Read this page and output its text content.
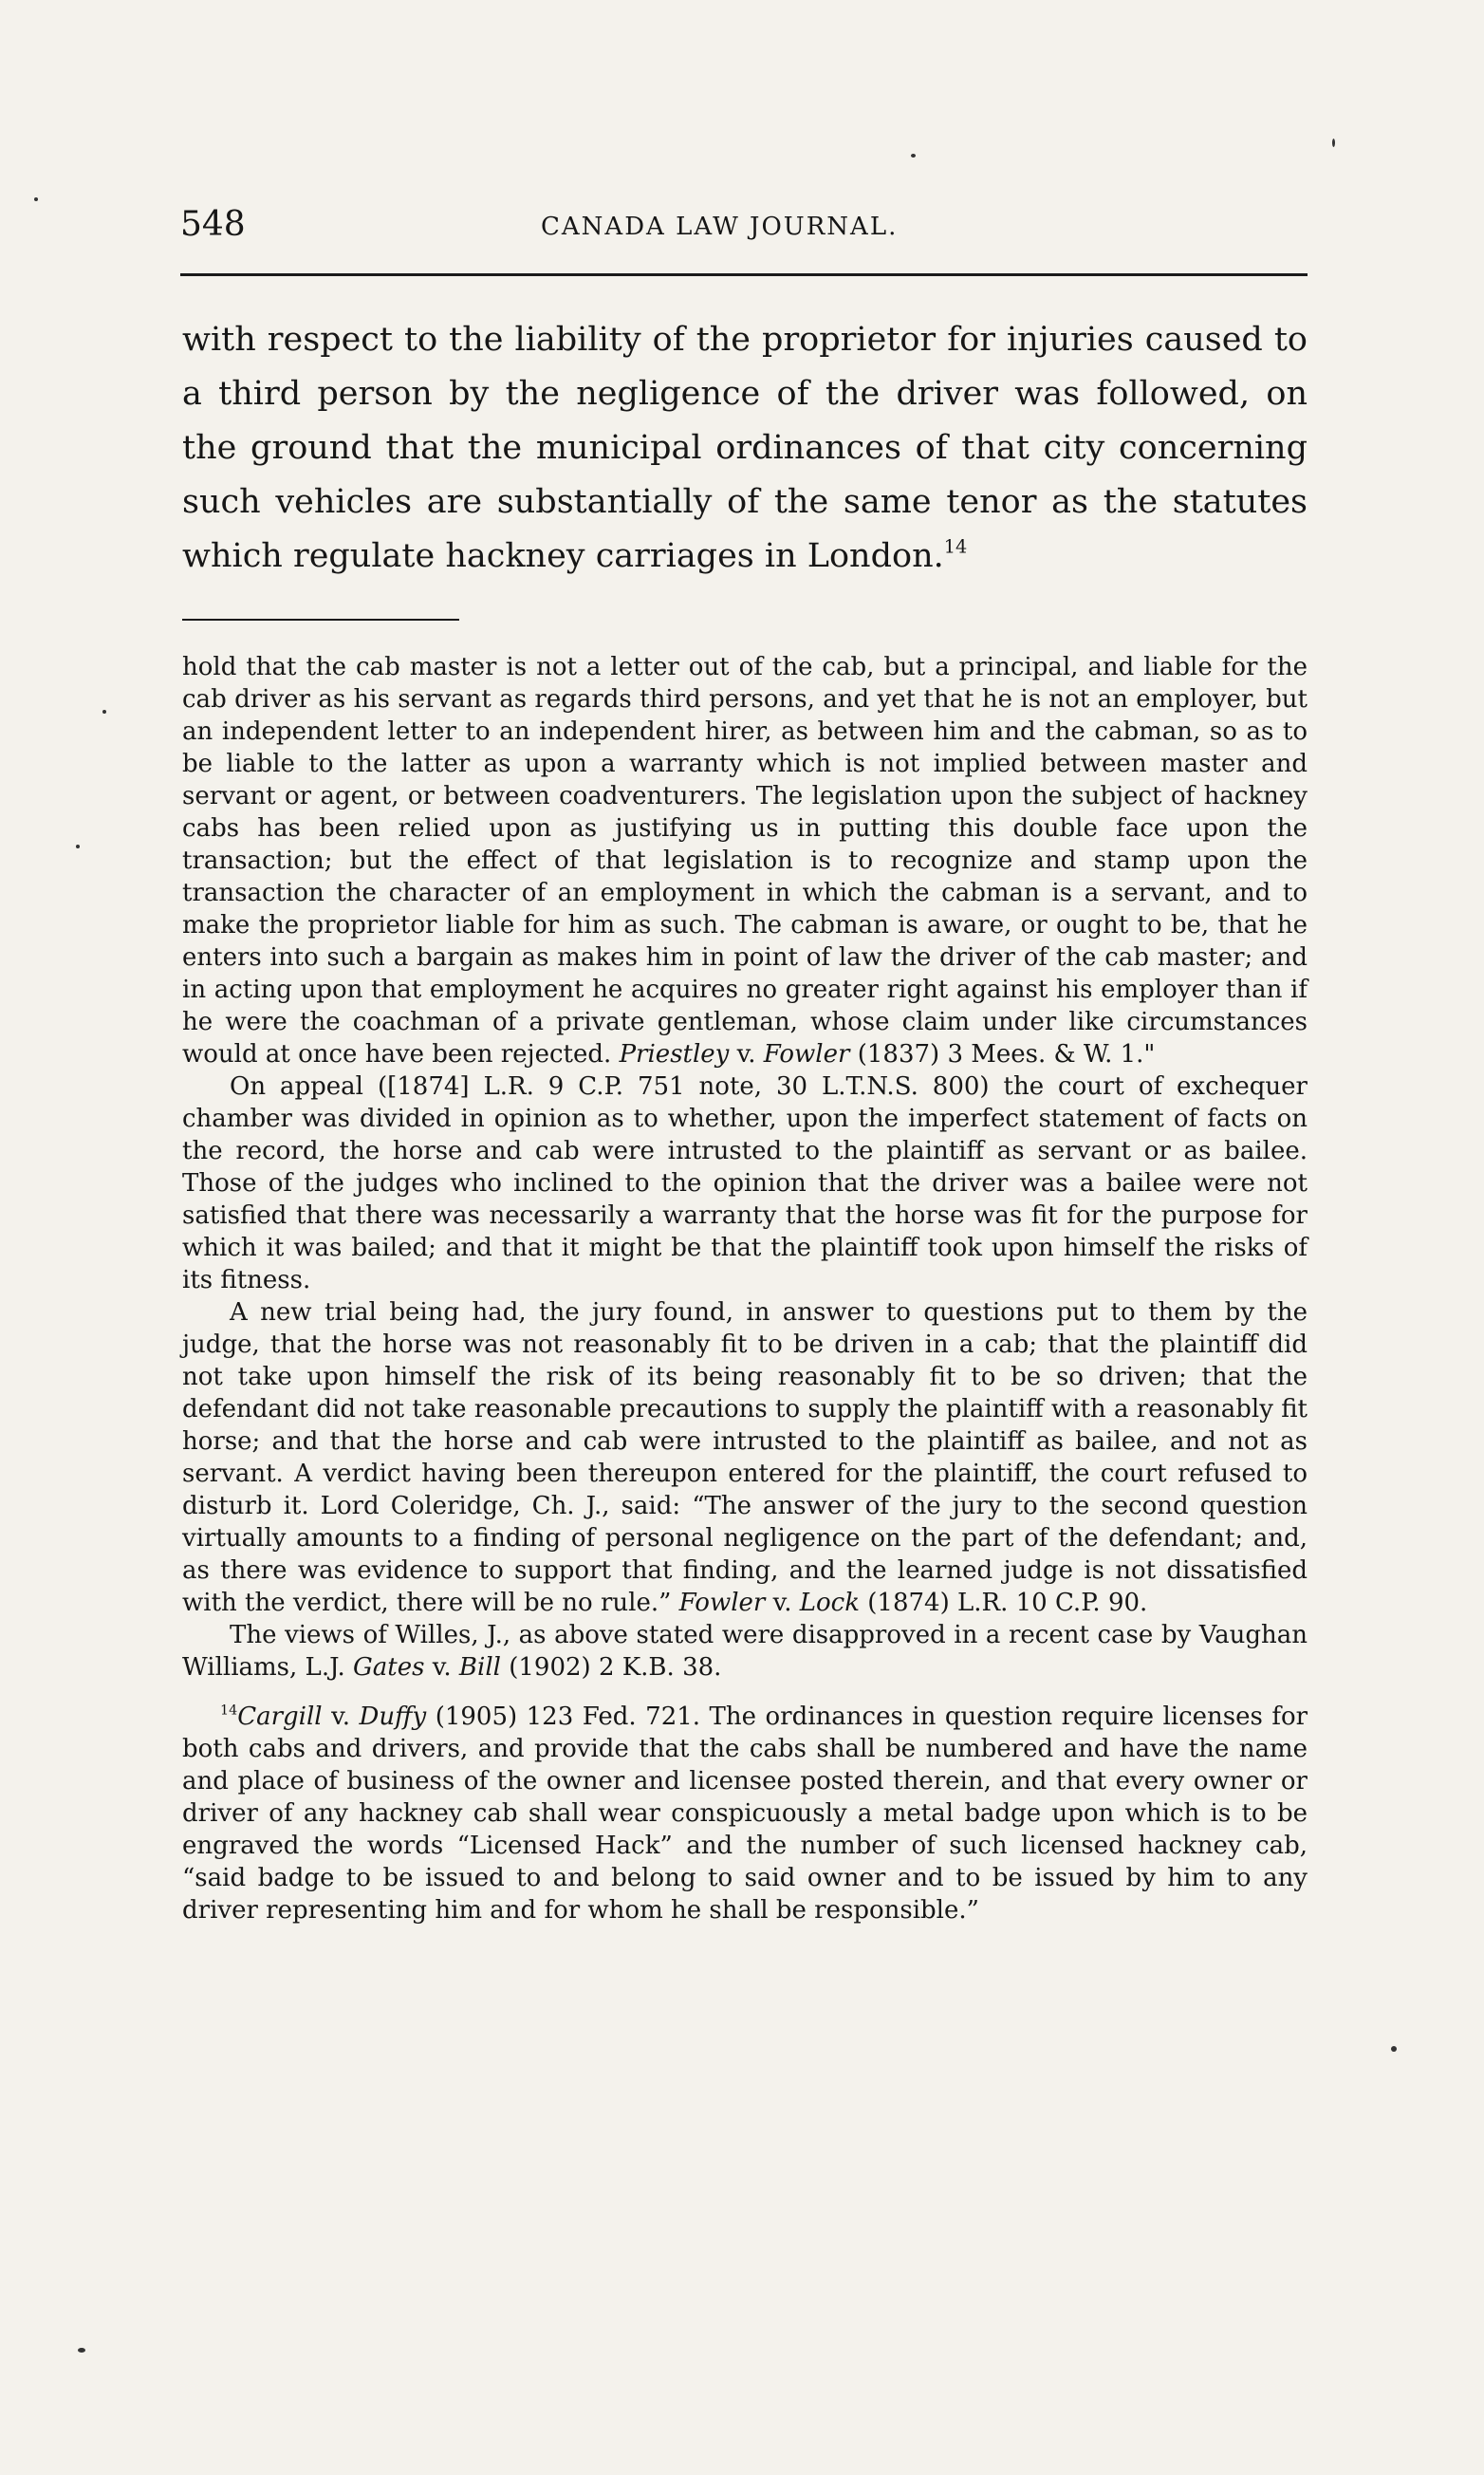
548	CANADA LAW JOURNAL.

with respect to the liability of the proprietor for injuries caused to a third person by the negligence of the driver was followed, on the ground that the municipal ordinances of that city concerning such vehicles are substantially of the same tenor as the statutes which regulate hackney carriages in London.$^{14}$

hold that the cab master is not a letter out of the cab, but a principal, and liable for the cab driver as his servant as regards third persons, and yet that he is not an employer, but an independent letter to an independent hirer, as between him and the cabman, so as to be liable to the latter as upon a warranty which is not implied between master and servant or agent, or between coadventurers. The legislation upon the subject of hackney cabs has been relied upon as justifying us in putting this double face upon the transaction; but the effect of that legislation is to recognize and stamp upon the transaction the character of an employment in which the cabman is a servant, and to make the proprietor liable for him as such. The cabman is aware, or ought to be, that he enters into such a bargain as makes him in point of law the driver of the cab master; and in acting upon that employment he acquires no greater right against his employer than if he were the coachman of a private gentleman, whose claim under like circumstances would at once have been rejected. Priestley v. Fowler (1837) 3 Mees. & W. 1."

On appeal ([1874] L.R. 9 C.P. 751 note, 30 L.T.N.S. 800) the court of exchequer chamber was divided in opinion as to whether, upon the imperfect statement of facts on the record, the horse and cab were intrusted to the plaintiff as servant or as bailee. Those of the judges who inclined to the opinion that the driver was a bailee were not satisfied that there was necessarily a warranty that the horse was fit for the purpose for which it was bailed; and that it might be that the plaintiff took upon himself the risks of its fitness.

A new trial being had, the jury found, in answer to questions put to them by the judge, that the horse was not reasonably fit to be driven in a cab; that the plaintiff did not take upon himself the risk of its being reasonably fit to be so driven; that the defendant did not take reasonable precautions to supply the plaintiff with a reasonably fit horse; and that the horse and cab were intrusted to the plaintiff as bailee, and not as servant. A verdict having been thereupon entered for the plaintiff, the court refused to disturb it. Lord Coleridge, Ch. J., said: “The answer of the jury to the second question virtually amounts to a finding of personal negligence on the part of the defendant; and, as there was evidence to support that finding, and the learned judge is not dissatisfied with the verdict, there will be no rule.” Fowler v. Lock (1874) L.R. 10 C.P. 90.

The views of Willes, J., as above stated were disapproved in a recent case by Vaughan Williams, L.J. Gates v. Bill (1902) 2 K.B. 38.

$^{14}$Cargill v. Duffy (1905) 123 Fed. 721. The ordinances in question require licenses for both cabs and drivers, and provide that the cabs shall be numbered and have the name and place of business of the owner and licensee posted therein, and that every owner or driver of any hackney cab shall wear conspicuously a metal badge upon which is to be engraved the words “Licensed Hack” and the number of such licensed hackney cab, “said badge to be issued to and belong to said owner and to be issued by him to any driver representing him and for whom he shall be responsible.”
